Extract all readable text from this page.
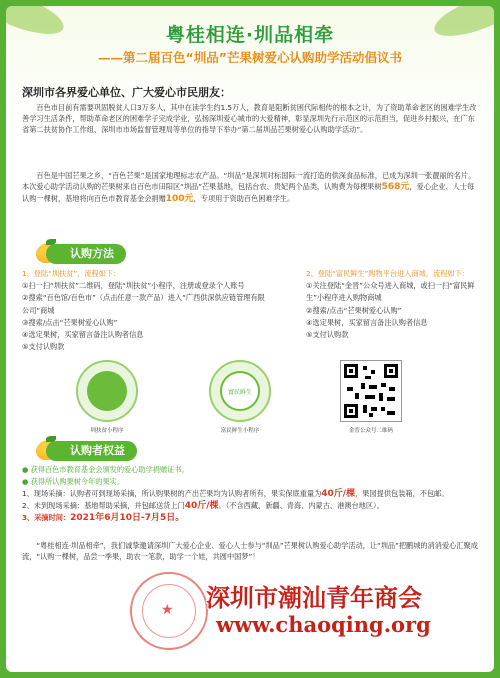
粤桂相连·圳品相牵
——第二届百色“圳品”芒果树爱心认购助学活动倡议书
深圳市各界爱心单位、广大爱心市民朋友：
百色市目前有需要巩固脱贫人口3万多人，其中在读学生约1.5万人，教育是阻断贫困代际相传的根本之计，为了资助革命老区的困难学生改善学习生活条件，帮助革命老区的困难学子完成学业，弘扬深圳爱心城市的大爱精神，彰显深圳先行示范区的示范担当，促进乡村振兴，在广东省第二扶贫协作工作组、深圳市市场监督管理局等单位的指导下举办“第二届圳品芒果树爱心认购助学活动”。
百色是中国芒果之乡，“百色芒果”是国家地理标志农产品。“圳品”是深圳对标国际一流打造的供深食品标准，已成为深圳一张靓丽的名片。本次爱心助学活动认购的芒果树来自百色市田阳区“圳品”芒果基地，包括台农、贵妃两个品类，认购费为每棵果树568元，爱心企业、人士每认购一棵树，基地将向百色市教育基金会捐赠100元，专项用于资助百色困难学生。
认购方法
1、登陆“圳扶贫”，流程如下：
①扫一扫“圳扶贫”二维码，登陆“圳扶贫”小程序，注册或登录个人账号
②搜索“百色馆/百色市”（点击任意一款产品）进入“广西供深供应链管理有限公司”商城
③搜索/点击“芒果树爱心认购”
④选定果树，买家留言备注认购者信息
⑤支付认购款
2、登陆“富民鲜生”购物平台进入商城，流程如下：
①关注登陆“金晋”公众号进入商城，或扫一扫“富民鲜生”小程序进入购物商城
②搜索/点击“芒果树爱心认购”
④选定果树，买家留言备注认购者信息
⑤支付认购款
圳扶贫小程序
富民鲜生
富民鲜生小程序	金晋公众号二维码
认购者权益
● 获得百色市教育基金会颁发的爱心助学捐赠证书。
● 获得所认购果树今年的果实。
1、现场采摘：认购者可到现场采摘，所认购果树的产出芒果均为认购者所有，果实保底重量为40斤/棵，果园提供包装箱，不包邮。
2、未到现场采摘：基地帮助采摘，并包邮送货上门40斤/棵。（不含西藏、新疆、青海、内蒙古、港澳台地区）。
3、采摘时间：2021年6月10日-7月5日。
“粤桂相连·圳品相牵”，我们诚挚邀请深圳广大爱心企业、爱心人士参与“圳品”芒果树认购爱心助学活动，让“圳品”把鹏城的消消爱心汇聚成流，“认购一棵树，品尝一季果，助农一笔款，助学一个娃，共圆中国梦”！
★ 深圳市潮汕青年商会
www.chaoqing.org
